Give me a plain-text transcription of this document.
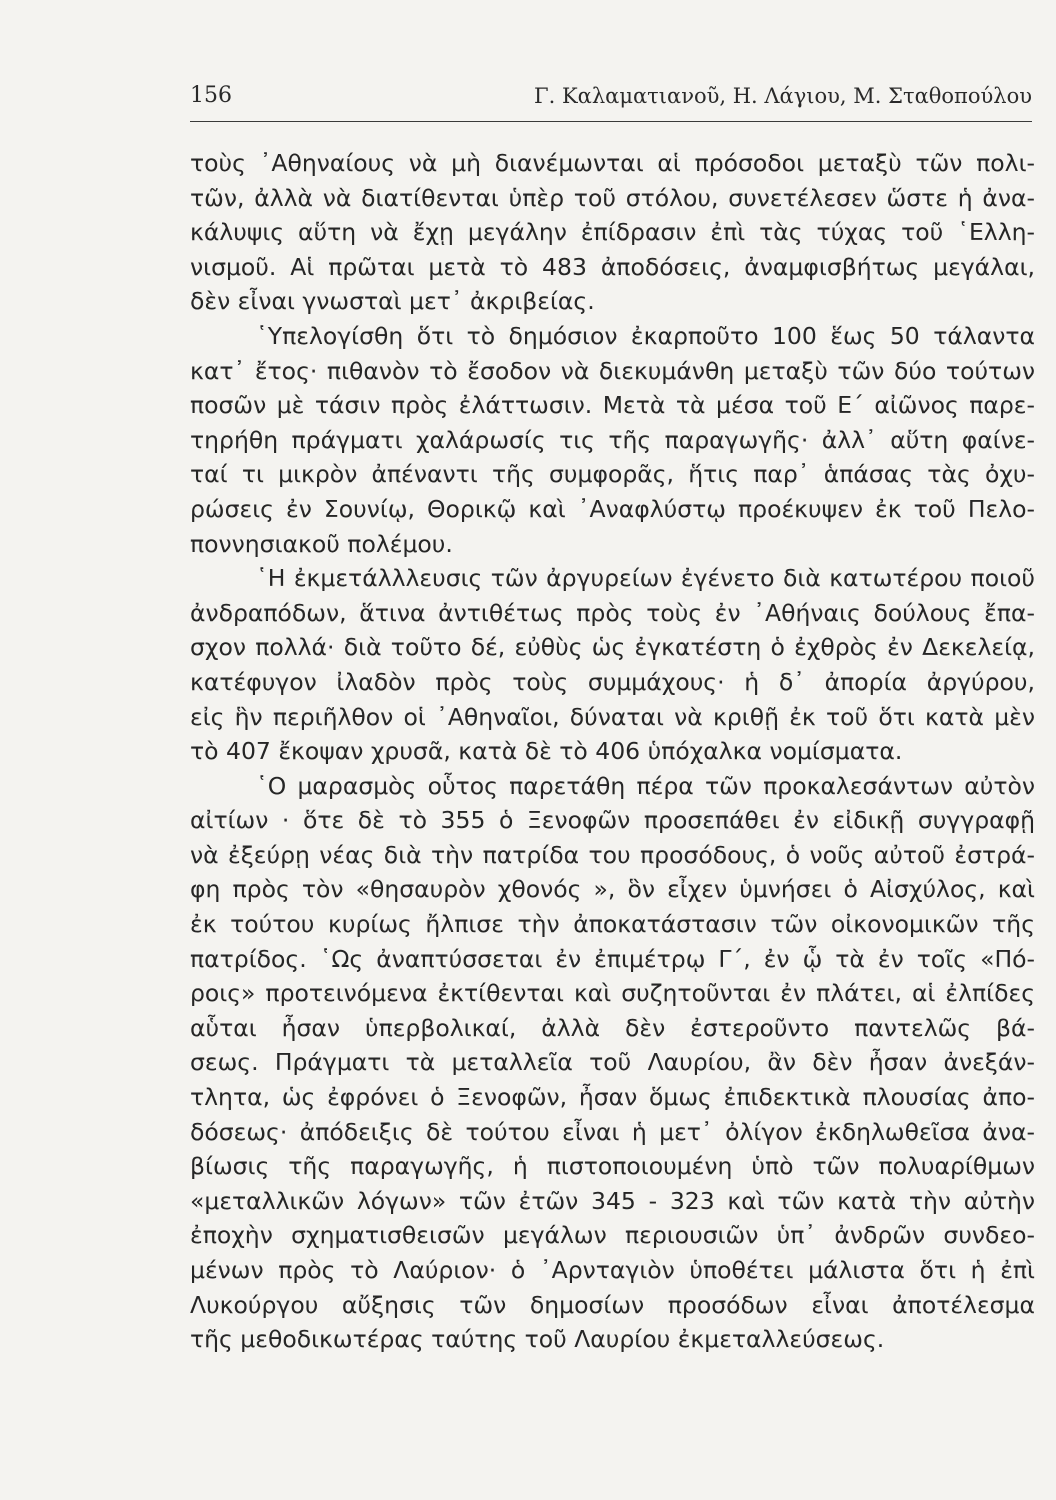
156	Γ. Καλαματιανοῦ, Η. Λάγιου, Μ. Σταθοπούλου
τοὺς ᾿Αθηναίους νὰ μὴ διανέμωνται αἱ πρόσοδοι μεταξὺ τῶν πολι-
τῶν, ἀλλὰ νὰ διατίθενται ὑπὲρ τοῦ στόλου, συνετέλεσεν ὥστε ἡ ἀνα-
κάλυψις αὕτη νὰ ἔχῃ μεγάλην ἐπίδρασιν ἐπὶ τὰς τύχας τοῦ ῾Ελλη-
νισμοῦ. Αἱ πρῶται μετὰ τὸ 483 ἀποδόσεις, ἀναμφισβήτως μεγάλαι,
δὲν εἶναι γνωσταὶ μετ᾿ ἀκριβείας.
῾Υπελογίσθη ὅτι τὸ δημόσιον ἐκαρποῦτο 100 ἕως 50 τάλαντα
κατ᾿ ἔτος· πιθανὸν τὸ ἔσοδον νὰ διεκυμάνθη μεταξὺ τῶν δύο τούτων
ποσῶν μὲ τάσιν πρὸς ἐλάττωσιν. Μετὰ τὰ μέσα τοῦ Ε΄ αἰῶνος παρε-
τηρήθη πράγματι χαλάρωσίς τις τῆς παραγωγῆς· ἀλλ᾿ αὕτη φαίνε-
ταί τι μικρὸν ἀπέναντι τῆς συμφορᾶς, ἥτις παρ᾿ ἁπάσας τὰς ὀχυ-
ρώσεις ἐν Σουνίῳ, Θορικῷ καὶ ᾿Αναφλύστῳ προέκυψεν ἐκ τοῦ Πελο-
ποννησιακοῦ πολέμου.
῾Η ἐκμετάλλλευσις τῶν ἀργυρείων ἐγένετο διὰ κατωτέρου ποιοῦ
ἀνδραπόδων, ἅτινα ἀντιθέτως πρὸς τοὺς ἐν ᾿Αθήναις δούλους ἔπα-
σχον πολλά· διὰ τοῦτο δέ, εὐθὺς ὡς ἐγκατέστη ὁ ἐχθρὸς ἐν Δεκελείᾳ,
κατέφυγον ἰλαδὸν πρὸς τοὺς συμμάχους· ἡ δ᾿ ἀπορία ἀργύρου,
εἰς ἣν περιῆλθον οἱ ᾿Αθηναῖοι, δύναται νὰ κριθῇ ἐκ τοῦ ὅτι κατὰ μὲν
τὸ 407 ἔκοψαν χρυσᾶ, κατὰ δὲ τὸ 406 ὑπόχαλκα νομίσματα.
῾Ο μαρασμὸς οὗτος παρετάθη πέρα τῶν προκαλεσάντων αὐτὸν
αἰτίων · ὅτε δὲ τὸ 355 ὁ Ξενοφῶν προσεπάθει ἐν εἰδικῇ συγγραφῇ
νὰ ἐξεύρῃ νέας διὰ τὴν πατρίδα του προσόδους, ὁ νοῦς αὐτοῦ ἐστρά-
φη πρὸς τὸν «θησαυρὸν χθονός », ὃν εἶχεν ὑμνήσει ὁ Αἰσχύλος, καὶ
ἐκ τούτου κυρίως ἤλπισε τὴν ἀποκατάστασιν τῶν οἰκονομικῶν τῆς
πατρίδος. ῾Ως ἀναπτύσσεται ἐν ἐπιμέτρῳ Γ΄, ἐν ᾧ τὰ ἐν τοῖς «Πό-
ροις» προτεινόμενα ἐκτίθενται καὶ συζητοῦνται ἐν πλάτει, αἱ ἐλπίδες
αὗται ἦσαν ὑπερβολικαί, ἀλλὰ δὲν ἐστεροῦντο παντελῶς βά-
σεως. Πράγματι τὰ μεταλλεῖα τοῦ Λαυρίου, ἂν δὲν ἦσαν ἀνεξάν-
τλητα, ὡς ἐφρόνει ὁ Ξενοφῶν, ἦσαν ὅμως ἐπιδεκτικὰ πλουσίας ἀπο-
δόσεως· ἀπόδειξις δὲ τούτου εἶναι ἡ μετ᾿ ὀλίγον ἐκδηλωθεῖσα ἀνα-
βίωσις τῆς παραγωγῆς, ἡ πιστοποιουμένη ὑπὸ τῶν πολυαρίθμων
«μεταλλικῶν λόγων» τῶν ἐτῶν 345 - 323 καὶ τῶν κατὰ τὴν αὐτὴν
ἐποχὴν σχηματισθεισῶν μεγάλων περιουσιῶν ὑπ᾿ ἀνδρῶν συνδεο-
μένων πρὸς τὸ Λαύριον· ὁ ᾿Αρνταγιὸν ὑποθέτει μάλιστα ὅτι ἡ ἐπὶ
Λυκούργου αὔξησις τῶν δημοσίων προσόδων εἶναι ἀποτέλεσμα
τῆς μεθοδικωτέρας ταύτης τοῦ Λαυρίου ἐκμεταλλεύσεως.
